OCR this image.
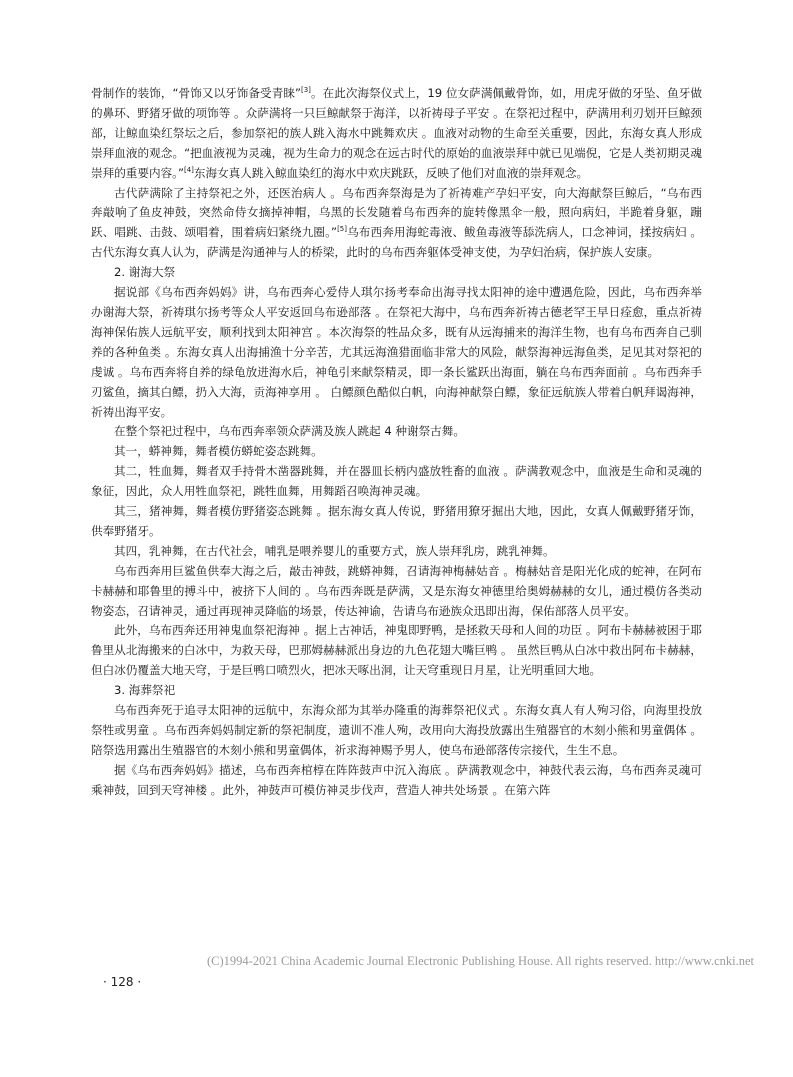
骨制作的装饰，“骨饰又以牙饰备受青睐”[3]。在此次海祭仪式上，19 位女萨满佩戴骨饰，如，用虎牙做的牙坠、鱼牙做的鼻环、野猪牙做的项饰等 。众萨满将一只巨鲸献祭于海洋，以祈祷母子平安 。在祭祀过程中，萨满用利刃划开巨鲸颈部，让鲸血染红祭坛之后，参加祭祀的族人跳入海水中跳舞欢庆 。血液对动物的生命至关重要，因此，东海女真人形成崇拜血液的观念。“把血液视为灵魂，视为生命力的观念在远古时代的原始的血液崇拜中就已见端倪，它是人类初期灵魂崇拜的重要内容。”[4]东海女真人跳入鲸血染红的海水中欢庆跳跃，反映了他们对血液的崇拜观念。

古代萨满除了主持祭祀之外，还医治病人 。乌布西奔祭海是为了祈祷难产孕妇平安，向大海献祭巨鲸后，“乌布西奔敲响了鱼皮神鼓，突然命侍女摘掉神帽，乌黑的长发随着乌布西奔的旋转像黑伞一般，照向病妇，半跪着身躯，蹦跃、唱跳、击鼓、颂唱着，围着病妇紧绕九圈。”[5]乌布西奔用海蛇毒液、鲅鱼毒液等舔洗病人，口念神词，揉按病妇 。古代东海女真人认为，萨满是沟通神与人的桥梁，此时的乌布西奔躯体受神支使，为孕妇治病，保护族人安康。

2. 谢海大祭

据说部《乌布西奔妈妈》讲，乌布西奔心爱侍人琪尔扬考奉命出海寻找太阳神的途中遭遇危险，因此，乌布西奔举办谢海大祭，祈祷琪尔扬考等众人平安返回乌布逊部落 。在祭祀大海中，乌布西奔祈祷古德老罕王早日痊愈，重点祈祷海神保佑族人远航平安，顺利找到太阳神宫 。本次海祭的牲品众多，既有从远海捕来的海洋生物，也有乌布西奔自己驯养的各种鱼类 。东海女真人出海捕渔十分辛苦，尤其远海渔猎面临非常大的风险，献祭海神远海鱼类，足见其对祭祀的虔诚 。乌布西奔将自养的绿龟放进海水后，神龟引来献祭精灵，即一条长鲨跃出海面，躺在乌布西奔面前 。乌布西奔手刃鲨鱼，摘其白鳔，扔入大海，贡海神享用 。 白鳔颜色酷似白帆，向海神献祭白鳔，象征远航族人带着白帆拜谒海神，祈祷出海平安。

在整个祭祀过程中，乌布西奔率领众萨满及族人跳起 4 种谢祭古舞。

其一，蟒神舞，舞者模仿蟒蛇姿态跳舞。

其二，牲血舞，舞者双手持骨木凿器跳舞，并在器皿长柄内盛放牲畜的血液 。萨满教观念中，血液是生命和灵魂的象征，因此，众人用牲血祭祀，跳牲血舞，用舞蹈召唤海神灵魂。

其三，猪神舞，舞者模仿野猪姿态跳舞 。据东海女真人传说，野猪用獠牙掘出大地，因此，女真人佩戴野猪牙饰，供奉野猪牙。

其四，乳神舞，在古代社会，哺乳是喂养婴儿的重要方式，族人崇拜乳房，跳乳神舞。

乌布西奔用巨鲨鱼供奉大海之后，敲击神鼓，跳蟒神舞，召请海神梅赫姑音 。梅赫姑音是阳光化成的蛇神，在阿布卡赫赫和耶鲁里的搏斗中，被挤下人间的 。乌布西奔既是萨满，又是东海女神德里给奥姆赫赫的女儿，通过模仿各类动物姿态，召请神灵，通过再现神灵降临的场景，传达神谕，告请乌布逊族众迅即出海，保佑部落人员平安。

此外，乌布西奔还用神鬼血祭祀海神 。据上古神话，神鬼即野鸭，是拯救天母和人间的功臣 。阿布卡赫赫被困于耶鲁里从北海搬来的白冰中，为救天母，巴那姆赫赫派出身边的九色花翅大嘴巨鸭 。 虽然巨鸭从白冰中救出阿布卡赫赫，但白冰仍覆盖大地天穹，于是巨鸭口喷烈火，把冰天啄出洞，让天穹重现日月星，让光明重回大地。

3. 海葬祭祀

乌布西奔死于追寻太阳神的远航中，东海众部为其举办隆重的海葬祭祀仪式 。东海女真人有人殉习俗，向海里投放祭牲或男童 。乌布西奔妈妈制定新的祭祀制度，遗训不准人殉，改用向大海投放露出生殖器官的木刻小熊和男童偶体 。 陪祭选用露出生殖器官的木刻小熊和男童偶体，祈求海神赐予男人，使乌布逊部落传宗接代，生生不息。

据《乌布西奔妈妈》描述，乌布西奔棺椁在阵阵鼓声中沉入海底 。萨满教观念中，神鼓代表云海，乌布西奔灵魂可乘神鼓，回到天穹神楼 。此外，神鼓声可模仿神灵步伐声，营造人神共处场景 。在第六阵

(C)1994-2021 China Academic Journal Electronic Publishing House. All rights reserved. http://www.cnki.net
· 128 ·
